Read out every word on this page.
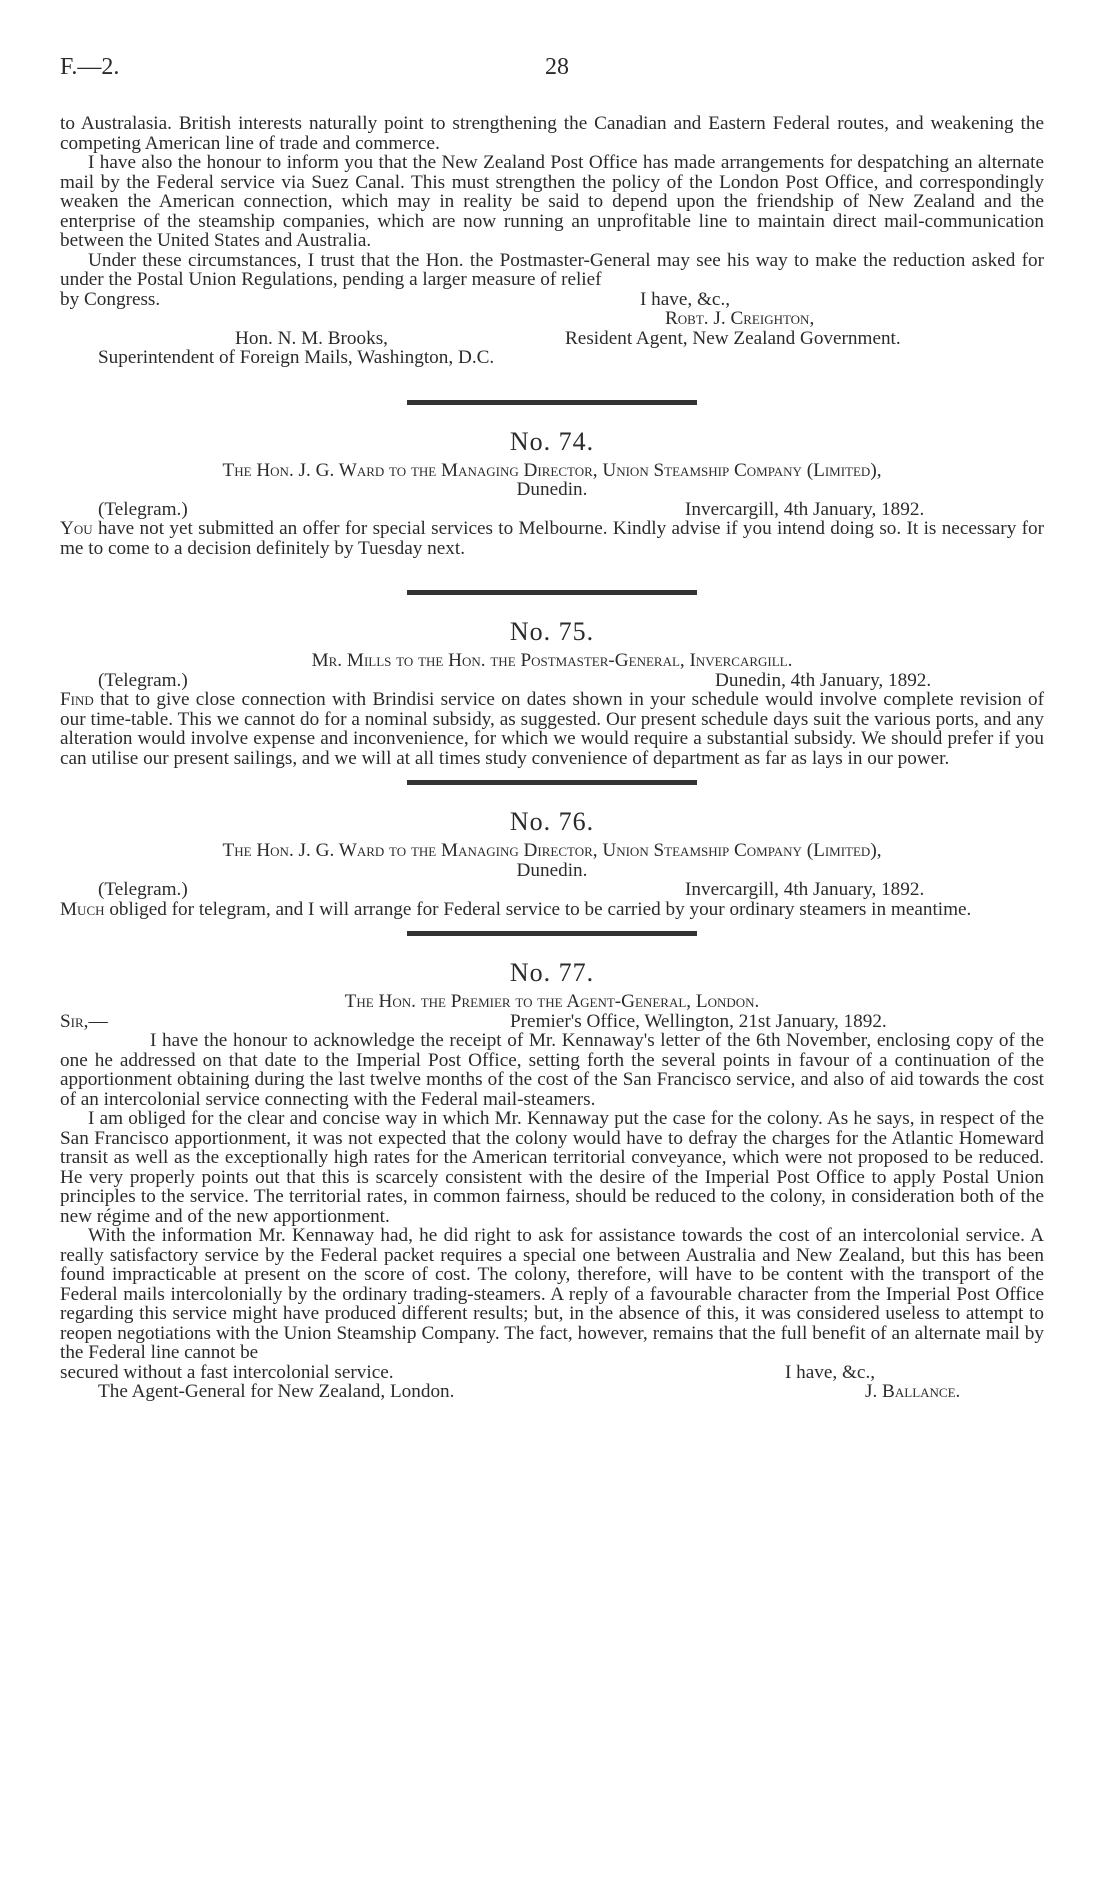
F.—2.	28

to Australasia. British interests naturally point to strengthening the Canadian and Eastern Federal routes, and weakening the competing American line of trade and commerce.

I have also the honour to inform you that the New Zealand Post Office has made arrangements for despatching an alternate mail by the Federal service via Suez Canal. This must strengthen the policy of the London Post Office, and correspondingly weaken the American connection, which may in reality be said to depend upon the friendship of New Zealand and the enterprise of the steamship companies, which are now running an unprofitable line to maintain direct mail-communication between the United States and Australia.

Under these circumstances, I trust that the Hon. the Postmaster-General may see his way to make the reduction asked for under the Postal Union Regulations, pending a larger measure of relief

by Congress.	I have, &c.,
Robt. J. Creighton,
Hon. N. M. Brooks,	Resident Agent, New Zealand Government.
Superintendent of Foreign Mails, Washington, D.C.
No. 74.
The Hon. J. G. Ward to the Managing Director, Union Steamship Company (Limited),
Dunedin.
(Telegram.)	Invercargill, 4th January, 1892.

You have not yet submitted an offer for special services to Melbourne. Kindly advise if you intend doing so. It is necessary for me to come to a decision definitely by Tuesday next.

No. 75.
Mr. Mills to the Hon. the Postmaster-General, Invercargill.
(Telegram.)	Dunedin, 4th January, 1892.

Find that to give close connection with Brindisi service on dates shown in your schedule would involve complete revision of our time-table. This we cannot do for a nominal subsidy, as suggested. Our present schedule days suit the various ports, and any alteration would involve expense and inconvenience, for which we would require a substantial subsidy. We should prefer if you can utilise our present sailings, and we will at all times study convenience of department as far as lays in our power.

No. 76.
The Hon. J. G. Ward to the Managing Director, Union Steamship Company (Limited),
Dunedin.
(Telegram.)	Invercargill, 4th January, 1892.

Much obliged for telegram, and I will arrange for Federal service to be carried by your ordinary steamers in meantime.

No. 77.
The Hon. the Premier to the Agent-General, London.
Sir,—	Premier's Office, Wellington, 21st January, 1892.

I have the honour to acknowledge the receipt of Mr. Kennaway's letter of the 6th November, enclosing copy of the one he addressed on that date to the Imperial Post Office, setting forth the several points in favour of a continuation of the apportionment obtaining during the last twelve months of the cost of the San Francisco service, and also of aid towards the cost of an intercolonial service connecting with the Federal mail-steamers.

I am obliged for the clear and concise way in which Mr. Kennaway put the case for the colony. As he says, in respect of the San Francisco apportionment, it was not expected that the colony would have to defray the charges for the Atlantic Homeward transit as well as the exceptionally high rates for the American territorial conveyance, which were not proposed to be reduced. He very properly points out that this is scarcely consistent with the desire of the Imperial Post Office to apply Postal Union principles to the service. The territorial rates, in common fairness, should be reduced to the colony, in consideration both of the new régime and of the new apportionment.

With the information Mr. Kennaway had, he did right to ask for assistance towards the cost of an intercolonial service. A really satisfactory service by the Federal packet requires a special one between Australia and New Zealand, but this has been found impracticable at present on the score of cost. The colony, therefore, will have to be content with the transport of the Federal mails intercolonially by the ordinary trading-steamers. A reply of a favourable character from the Imperial Post Office regarding this service might have produced different results; but, in the absence of this, it was considered useless to attempt to reopen negotiations with the Union Steamship Company. The fact, however, remains that the full benefit of an alternate mail by the Federal line cannot be

secured without a fast intercolonial service.	I have, &c.,
The Agent-General for New Zealand, London.	J. Ballance.
